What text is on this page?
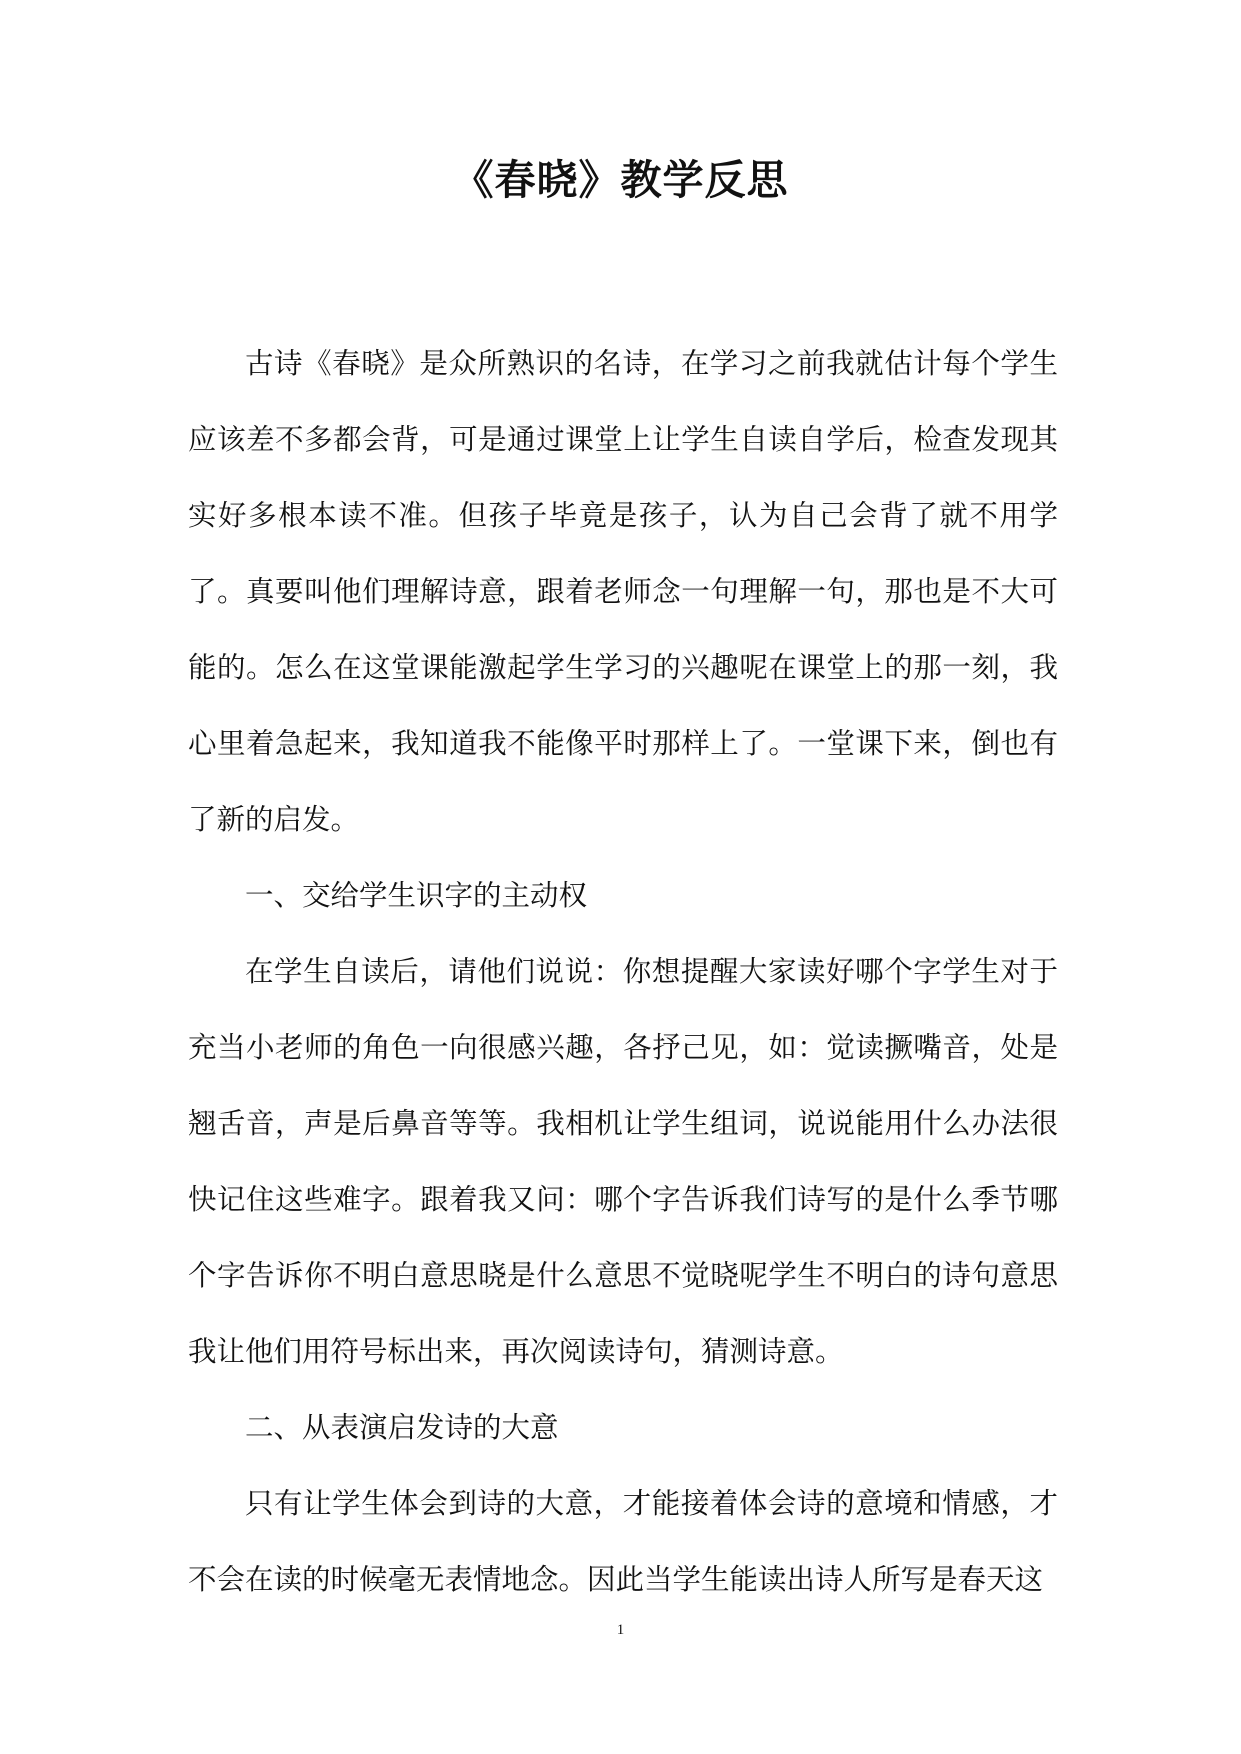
《春晓》教学反思

古诗《春晓》是众所熟识的名诗，在学习之前我就估计每个学生应该差不多都会背，可是通过课堂上让学生自读自学后，检查发现其实好多根本读不准。但孩子毕竟是孩子，认为自己会背了就不用学了。真要叫他们理解诗意，跟着老师念一句理解一句，那也是不大可能的。怎么在这堂课能激起学生学习的兴趣呢在课堂上的那一刻，我心里着急起来，我知道我不能像平时那样上了。一堂课下来，倒也有了新的启发。

一、交给学生识字的主动权

在学生自读后，请他们说说：你想提醒大家读好哪个字学生对于充当小老师的角色一向很感兴趣，各抒己见，如：觉读撅嘴音，处是翘舌音，声是后鼻音等等。我相机让学生组词，说说能用什么办法很快记住这些难字。跟着我又问：哪个字告诉我们诗写的是什么季节哪个字告诉你不明白意思晓是什么意思不觉晓呢学生不明白的诗句意思我让他们用符号标出来，再次阅读诗句，猜测诗意。

二、从表演启发诗的大意

只有让学生体会到诗的大意，才能接着体会诗的意境和情感，才不会在读的时候毫无表情地念。因此当学生能读出诗人所写是春天这

1
